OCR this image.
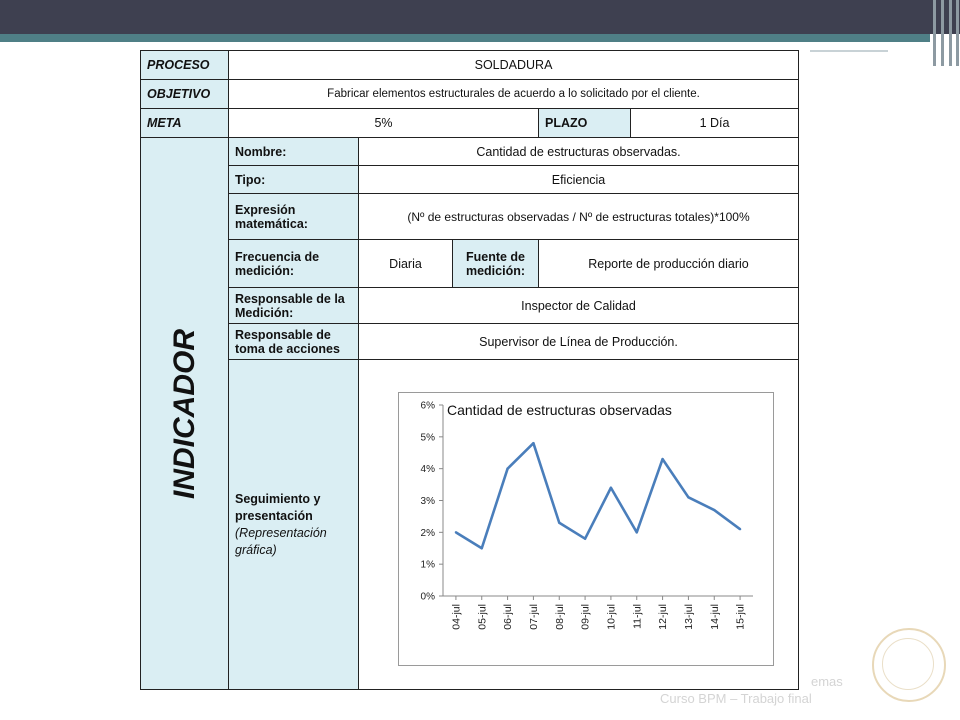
PROCESO	SOLDADURA				
OBJETIVO	Fabricar elementos estructurales de acuerdo a lo solicitado por el cliente.				
META	5%			PLAZO	1 Día

INDICADOR	Nombre:	Cantidad de estructuras observadas.			
	Tipo:	Eficiencia			
	Expresión matemática:	(Nº de estructuras observadas / Nº de estructuras totales)*100%			
	Frecuencia de medición:	Diaria	Fuente de medición:	Reporte de producción diario	
	Responsable de la Medición:	Inspector de Calidad			
	Responsable de toma de acciones	Supervisor de Línea de Producción.			

	Seguimiento y presentación
(Representación gráfica)				

0%
1%
2%
3%
4%
5%
6%
04-jul 05-jul 06-jul 07-jul 08-jul 09-jul 10-jul 11-jul 12-jul 13-jul 14-jul 15-jul
Cantidad de estructuras observadas
emas
Curso BPM – Trabajo final
